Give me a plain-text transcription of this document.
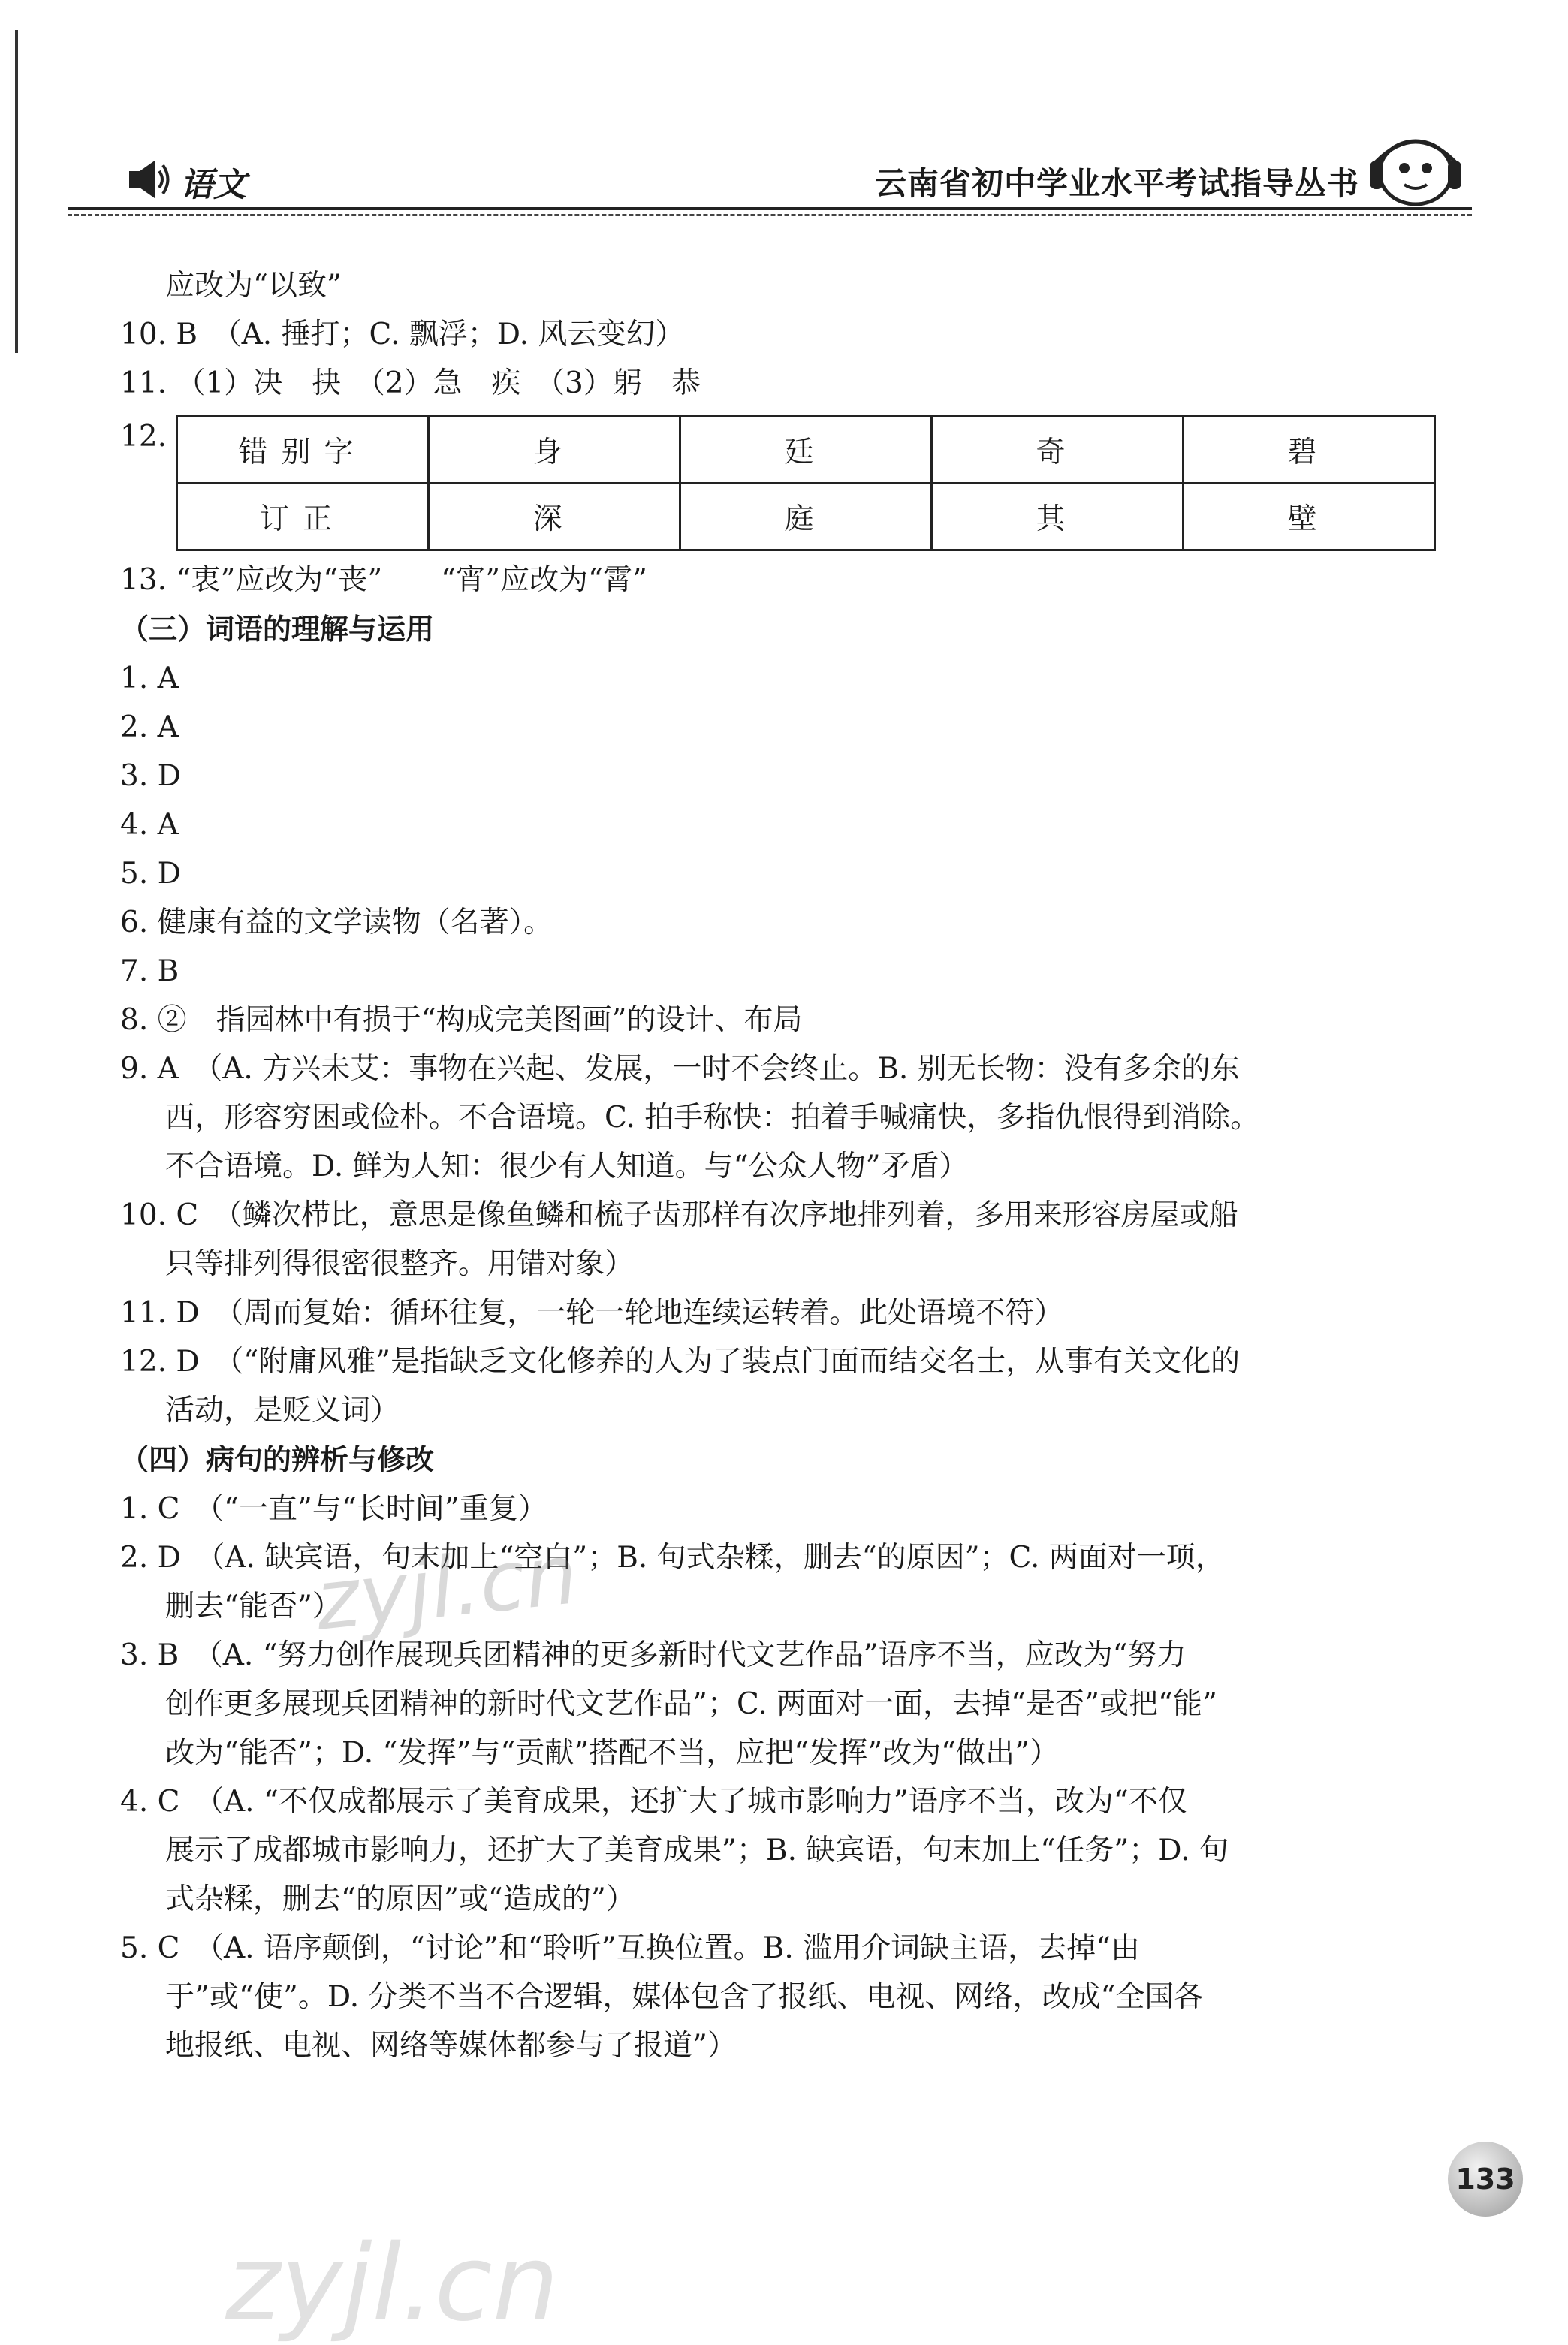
语文	云南省初中学业水平考试指导丛书
应改为“以致”
10. B　（A. 捶打；C. 飘浮；D. 风云变幻）
11. （1）决　抉　（2）急　疾　（3）躬　恭
12. 错别字	身	廷	奇	碧
订正	深	庭	其	壁
13. “衷”应改为“丧”　　“宵”应改为“霄”
（三）词语的理解与运用
1. A
2. A
3. D
4. A
5. D
6. 健康有益的文学读物（名著）。
7. B
8. ②　指园林中有损于“构成完美图画”的设计、布局
9. A　（A. 方兴未艾：事物在兴起、发展，一时不会终止。B. 别无长物：没有多余的东
西，形容穷困或俭朴。不合语境。C. 拍手称快：拍着手喊痛快，多指仇恨得到消除。
不合语境。D. 鲜为人知：很少有人知道。与“公众人物”矛盾）
10. C　（鳞次栉比，意思是像鱼鳞和梳子齿那样有次序地排列着，多用来形容房屋或船
只等排列得很密很整齐。用错对象）
11. D　（周而复始：循环往复，一轮一轮地连续运转着。此处语境不符）
12. D　（“附庸风雅”是指缺乏文化修养的人为了装点门面而结交名士，从事有关文化的
活动，是贬义词）
（四）病句的辨析与修改
1. C　（“一直”与“长时间”重复）
2. D　（A. 缺宾语，句末加上“空白”；B. 句式杂糅，删去“的原因”；C. 两面对一项，
删去“能否”）
3. B　（A. “努力创作展现兵团精神的更多新时代文艺作品”语序不当，应改为“努力
创作更多展现兵团精神的新时代文艺作品”；C. 两面对一面，去掉“是否”或把“能”
改为“能否”；D. “发挥”与“贡献”搭配不当，应把“发挥”改为“做出”）
4. C　（A. “不仅成都展示了美育成果，还扩大了城市影响力”语序不当，改为“不仅
展示了成都城市影响力，还扩大了美育成果”；B. 缺宾语，句末加上“任务”；D. 句
式杂糅，删去“的原因”或“造成的”）
5. C　（A. 语序颠倒，“讨论”和“聆听”互换位置。B. 滥用介词缺主语，去掉“由
于”或“使”。D. 分类不当不合逻辑，媒体包含了报纸、电视、网络，改成“全国各
地报纸、电视、网络等媒体都参与了报道”）
133
zyjl.cn
zyjl.cn
